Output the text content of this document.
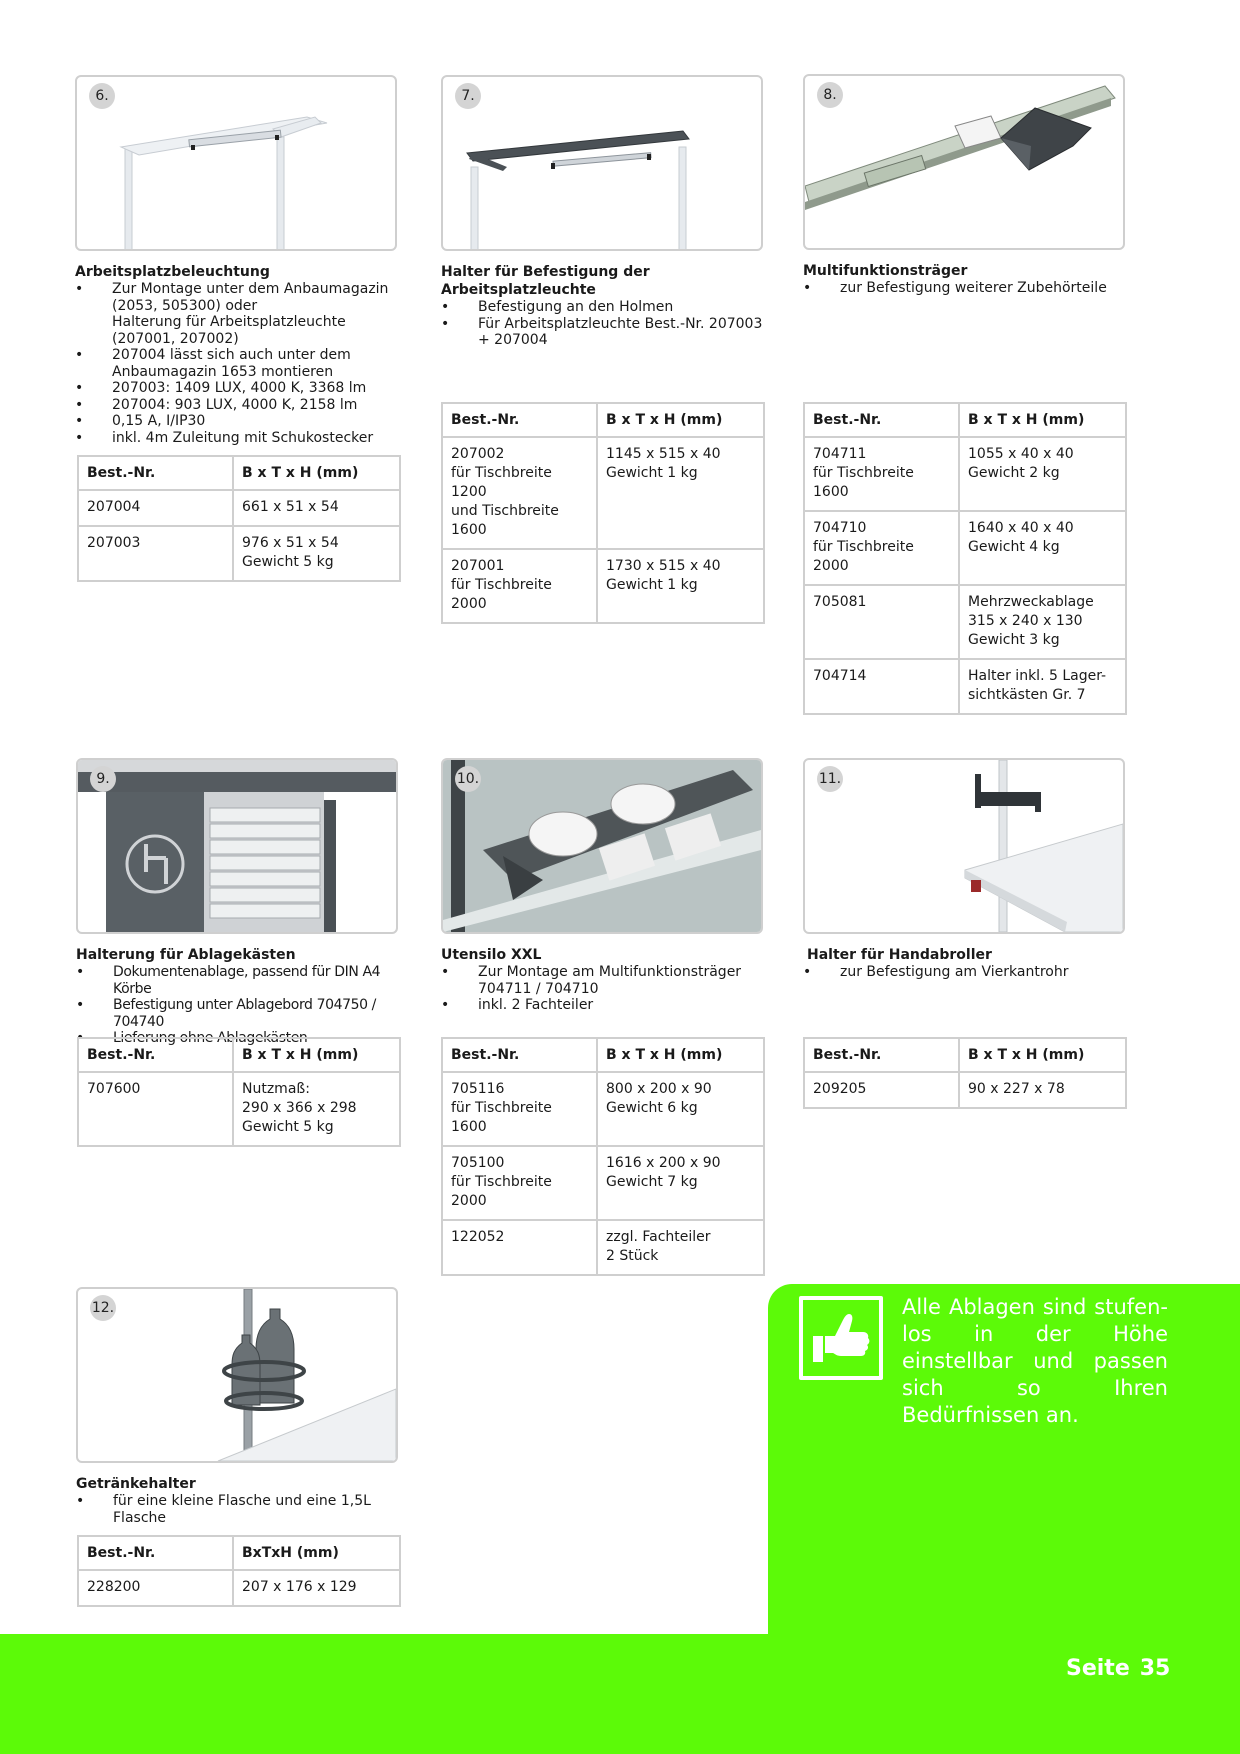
6.
Arbeitsplatzbeleuchtung
• Zur Montage unter dem Anbaumagazin
(2053, 505300) oder
Halterung für Arbeitsplatzleuchte
(207001, 207002)
• 207004 lässt sich auch unter dem
Anbaumagazin 1653 montieren
• 207003: 1409 LUX, 4000 K, 3368 lm
• 207004: 903 LUX, 4000 K, 2158 lm
• 0,15 A, I/IP30
• inkl. 4m Zuleitung mit Schukostecker
Best.-Nr.	B x T x H (mm)
207004	661 x 51 x 54
207003	976 x 51 x 54
Gewicht 5 kg
7.
Halter für Befestigung der Arbeitsplatzleuchte
• Befestigung an den Holmen
• Für Arbeitsplatzleuchte Best.-Nr. 207003
+ 207004
Best.-Nr.	B x T x H (mm)
207002
für Tischbreite 1200
und Tischbreite 1600	1145 x 515 x 40
Gewicht 1 kg
207001
für Tischbreite 2000	1730 x 515 x 40
Gewicht 1 kg
8.
Multifunktionsträger
• zur Befestigung weiterer Zubehörteile
Best.-Nr.	B x T x H (mm)
704711
für Tischbreite 1600	1055 x 40 x 40
Gewicht 2 kg
704710
für Tischbreite 2000	1640 x 40 x 40
Gewicht 4 kg
705081	Mehrzweckablage
315 x 240 x 130
Gewicht 3 kg
704714	Halter inkl. 5 Lager-
sichtkästen Gr. 7
9.
Halterung für Ablagekästen
• Dokumentenablage, passend für DIN A4 Körbe
• Befestigung unter Ablagebord 704750 / 704740
• Lieferung ohne Ablagekästen
Best.-Nr.	B x T x H (mm)
707600	Nutzmaß:
290 x 366 x 298
Gewicht 5 kg
10.
Utensilo XXL
• Zur Montage am Multifunktionsträger
704711 / 704710
• inkl. 2 Fachteiler
Best.-Nr.	B x T x H (mm)
705116
für Tischbreite 1600	800 x 200 x 90
Gewicht 6 kg
705100
für Tischbreite 2000	1616 x 200 x 90
Gewicht 7 kg
122052	zzgl. Fachteiler
2 Stück
11.
Halter für Handabroller
• zur Befestigung am Vierkantrohr
Best.-Nr.	B x T x H (mm)
209205	90 x 227 x 78
12.
Getränkehalter
• für eine kleine Flasche und eine 1,5L
Flasche
Best.-Nr.	BxTxH (mm)
228200	207 x 176 x 129
Alle Ablagen sind stufen-los in der Höhe einstellbar und passen sich so Ihren Bedürfnissen an.
Seite 35
